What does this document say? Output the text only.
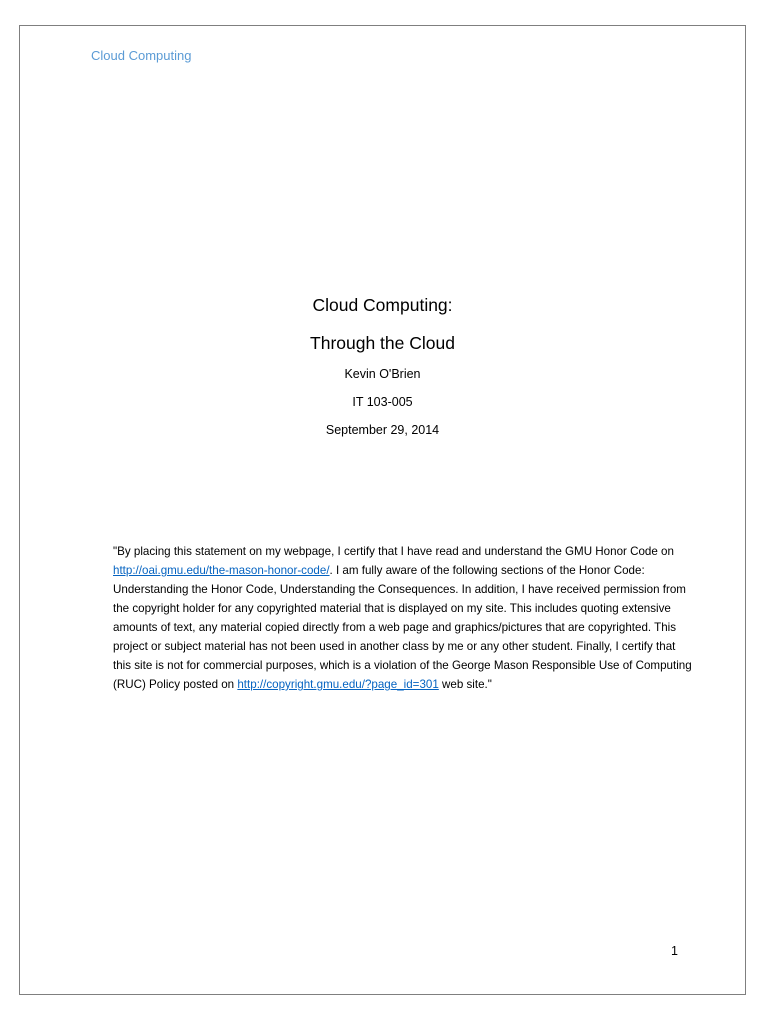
Cloud Computing

Cloud Computing:

Through the Cloud

Kevin O'Brien

IT 103-005

September 29, 2014

"By placing this statement on my webpage, I certify that I have read and understand the GMU Honor Code on http://oai.gmu.edu/the-mason-honor-code/. I am fully aware of the following sections of the Honor Code: Understanding the Honor Code, Understanding the Consequences. In addition, I have received permission from the copyright holder for any copyrighted material that is displayed on my site. This includes quoting extensive amounts of text, any material copied directly from a web page and graphics/pictures that are copyrighted. This project or subject material has not been used in another class by me or any other student. Finally, I certify that this site is not for commercial purposes, which is a violation of the George Mason Responsible Use of Computing (RUC) Policy posted on http://copyright.gmu.edu/?page_id=301 web site."

1
